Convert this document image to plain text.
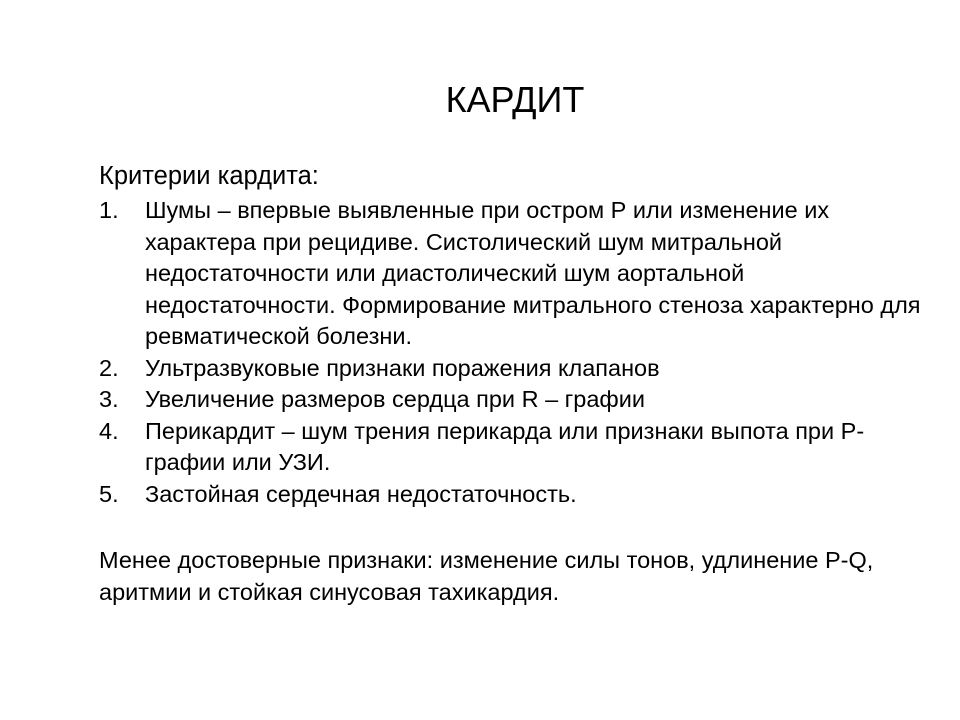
КАРДИТ
Критерии кардита:
1.	Шумы – впервые выявленные при остром Р или изменение их характера при рецидиве. Систолический шум митральной недостаточности или диастолический шум аортальной недостаточности. Формирование митрального стеноза характерно для ревматической болезни.
2.	Ультразвуковые признаки поражения клапанов
3.	Увеличение размеров сердца при R – графии
4.	Перикардит – шум трения перикарда или признаки выпота при Р-графии или УЗИ.
5.	Застойная сердечная недостаточность.
Менее достоверные признаки: изменение силы тонов, удлинение P-Q, аритмии и стойкая синусовая тахикардия.
